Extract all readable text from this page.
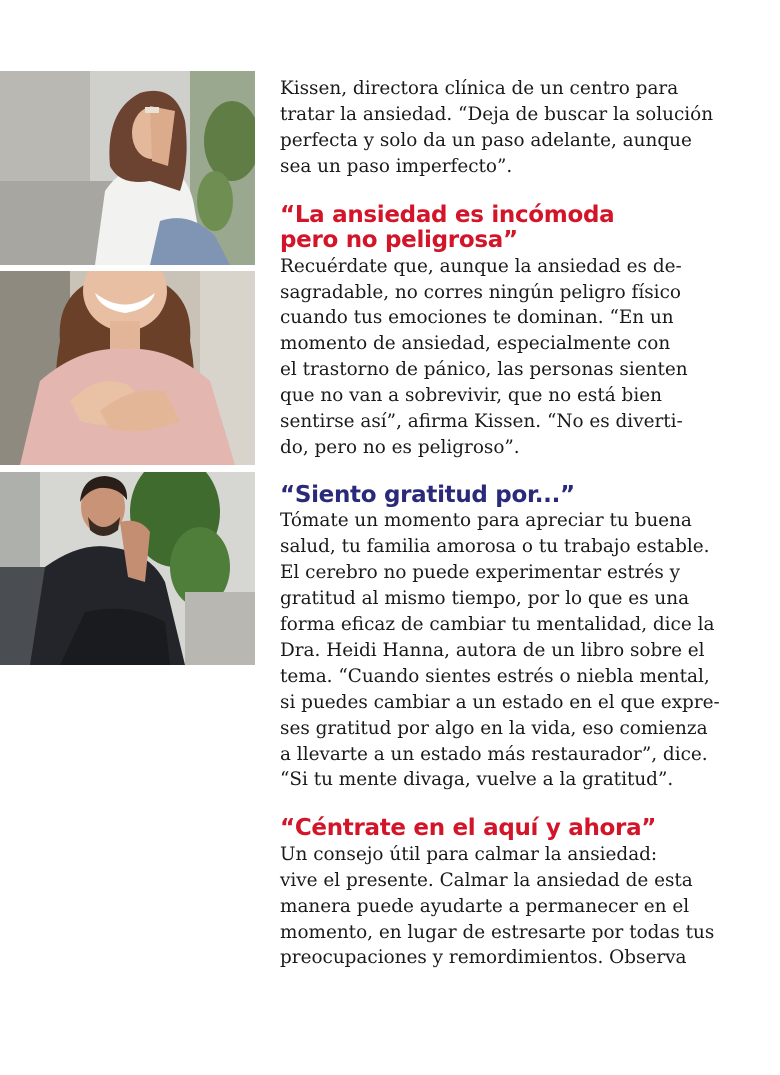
Kissen, directora clínica de un centro para
tratar la ansiedad. “Deja de buscar la solución
perfecta y solo da un paso adelante, aunque
sea un paso imperfecto”.

“La ansiedad es incómoda
pero no peligrosa”

Recuérdate que, aunque la ansiedad es de-
sagradable, no corres ningún peligro físico
cuando tus emociones te dominan. “En un
momento de ansiedad, especialmente con
el trastorno de pánico, las personas sienten
que no van a sobrevivir, que no está bien
sentirse así”, afirma Kissen. “No es diverti-
do, pero no es peligroso”.

“Siento gratitud por...”

Tómate un momento para apreciar tu buena
salud, tu familia amorosa o tu trabajo estable.
El cerebro no puede experimentar estrés y
gratitud al mismo tiempo, por lo que es una
forma eficaz de cambiar tu mentalidad, dice la
Dra. Heidi Hanna, autora de un libro sobre el
tema. “Cuando sientes estrés o niebla mental,
si puedes cambiar a un estado en el que expre-
ses gratitud por algo en la vida, eso comienza
a llevarte a un estado más restaurador”, dice.
“Si tu mente divaga, vuelve a la gratitud”.

“Céntrate en el aquí y ahora”

Un consejo útil para calmar la ansiedad:
vive el presente. Calmar la ansiedad de esta
manera puede ayudarte a permanecer en el
momento, en lugar de estresarte por todas tus
preocupaciones y remordimientos. Observa
